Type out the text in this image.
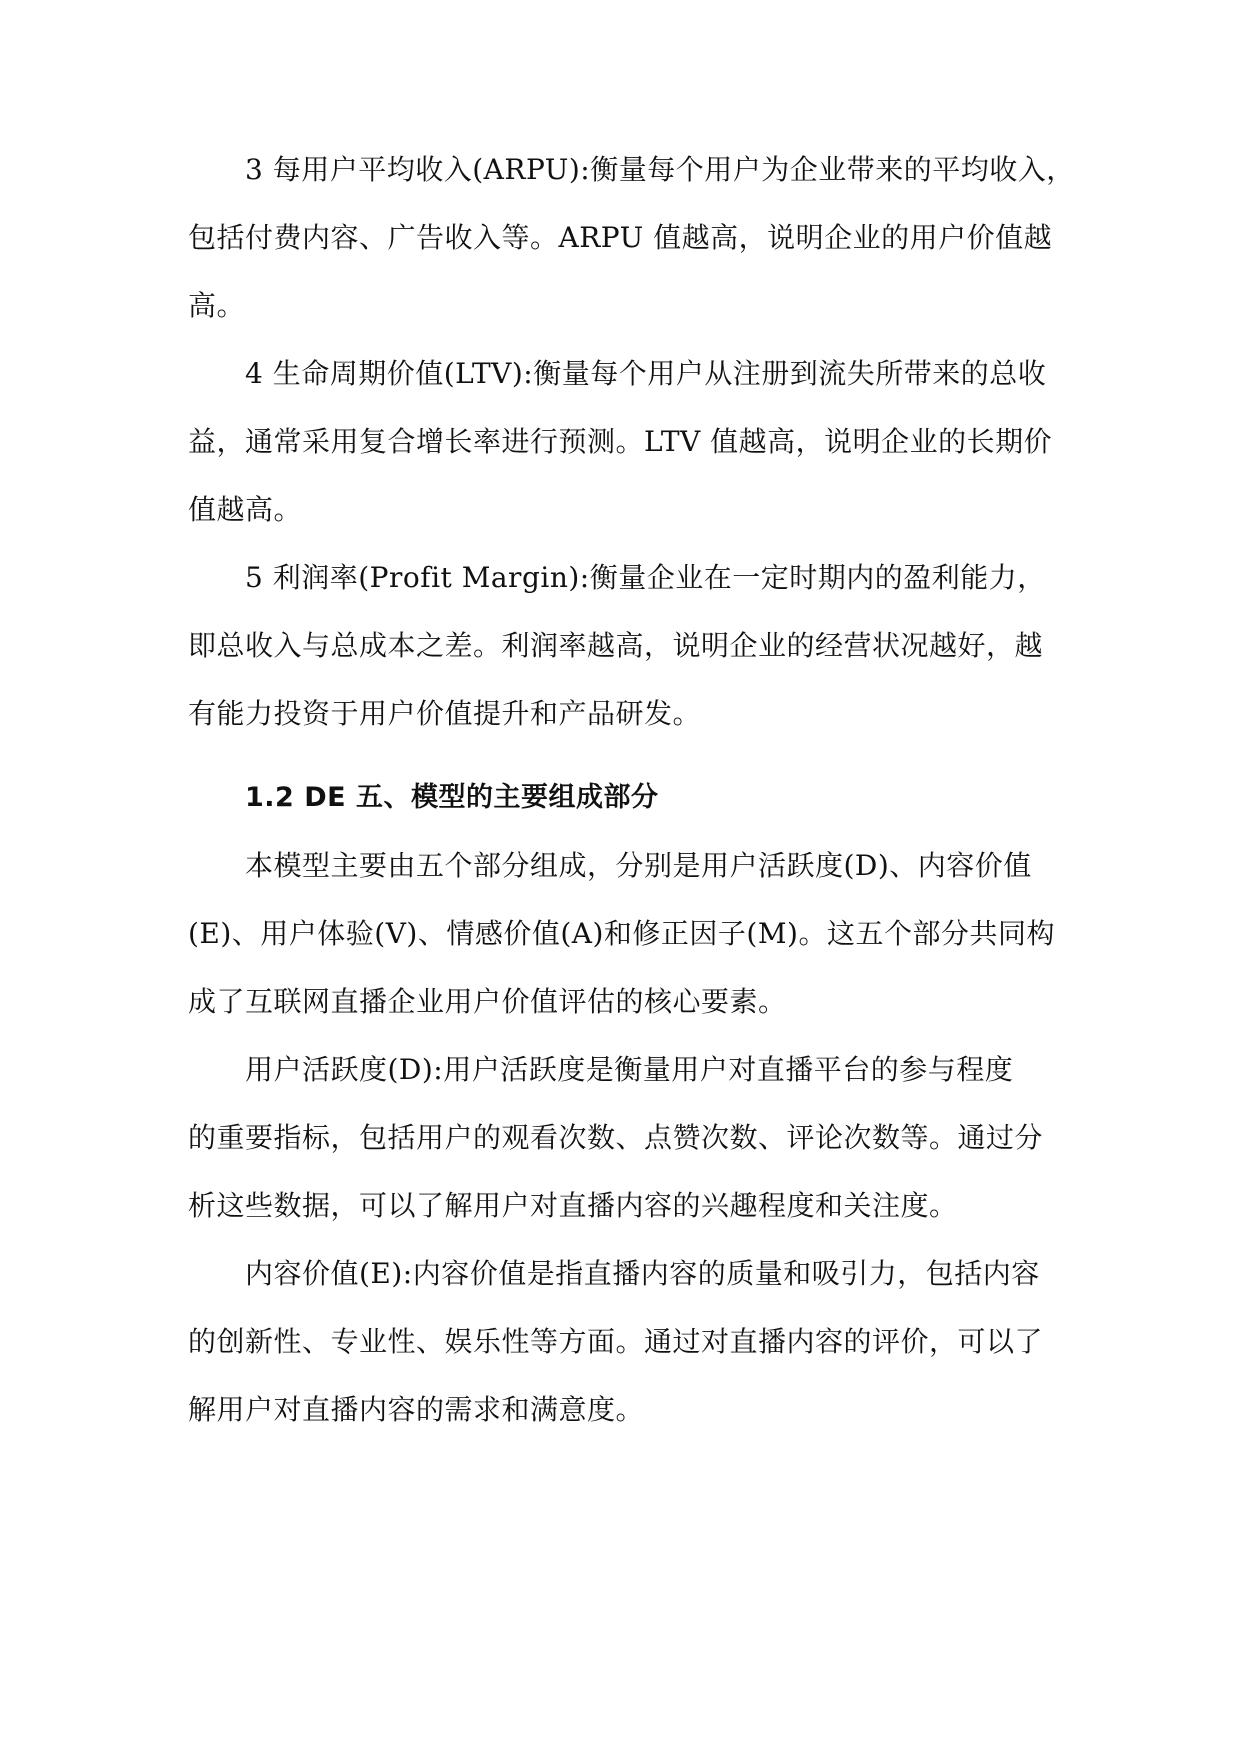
3 每用户平均收入(ARPU):衡量每个用户为企业带来的平均收入，

包括付费内容、广告收入等。ARPU 值越高，说明企业的用户价值越

高。

4 生命周期价值(LTV):衡量每个用户从注册到流失所带来的总收

益，通常采用复合增长率进行预测。LTV 值越高，说明企业的长期价

值越高。

5 利润率(Profit Margin):衡量企业在一定时期内的盈利能力，

即总收入与总成本之差。利润率越高，说明企业的经营状况越好，越

有能力投资于用户价值提升和产品研发。

1.2 DE 五、模型的主要组成部分

本模型主要由五个部分组成，分别是用户活跃度(D)、内容价值

(E)、用户体验(V)、情感价值(A)和修正因子(M)。这五个部分共同构

成了互联网直播企业用户价值评估的核心要素。

用户活跃度(D):用户活跃度是衡量用户对直播平台的参与程度

的重要指标，包括用户的观看次数、点赞次数、评论次数等。通过分

析这些数据，可以了解用户对直播内容的兴趣程度和关注度。

内容价值(E):内容价值是指直播内容的质量和吸引力，包括内容

的创新性、专业性、娱乐性等方面。通过对直播内容的评价，可以了

解用户对直播内容的需求和满意度。
